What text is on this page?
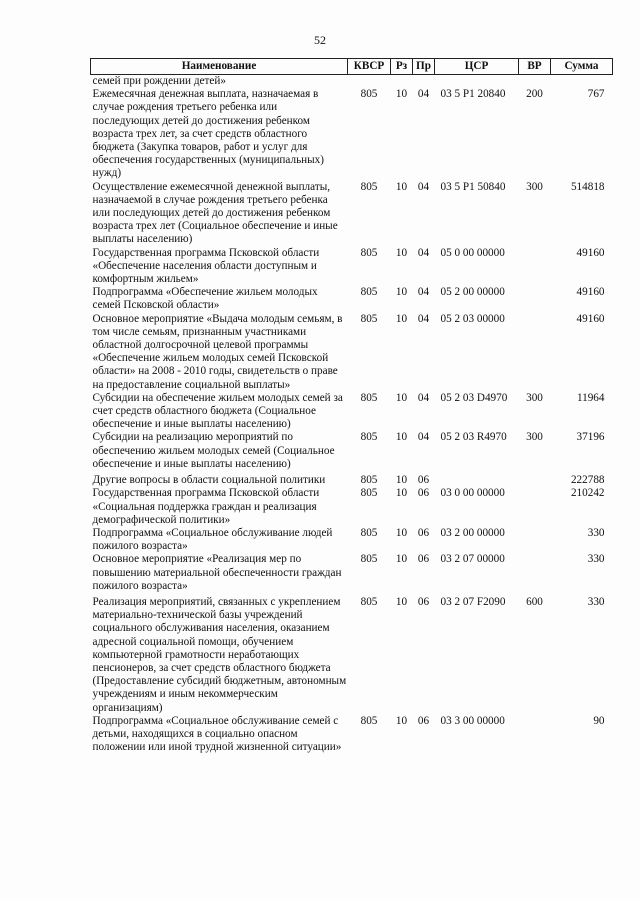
52
Наименование	КВСР	Рз	Пр	ЦСР	ВР	Сумма
семей при рождении детей»						
Ежемесячная денежная выплата, назначаемая в случае рождения третьего ребенка или последующих детей до достижения ребенком возраста трех лет, за счет средств областного бюджета (Закупка товаров, работ и услуг для обеспечения государственных (муниципальных) нужд)	805	10	04	03 5 P1 20840	200	767
Осуществление ежемесячной денежной выплаты, назначаемой в случае рождения третьего ребенка или последующих детей до достижения ребенком возраста трех лет (Социальное обеспечение и иные выплаты населению)	805	10	04	03 5 P1 50840	300	514818
Государственная программа Псковской области «Обеспечение населения области доступным и комфортным жильем»	805	10	04	05 0 00 00000		49160
Подпрограмма «Обеспечение жильем молодых семей Псковской области»	805	10	04	05 2 00 00000		49160
Основное мероприятие «Выдача молодым семьям, в том числе семьям, признанным участниками областной долгосрочной целевой программы «Обеспечение жильем молодых семей Псковской области» на 2008 - 2010 годы, свидетельств о праве на предоставление социальной выплаты»	805	10	04	05 2 03 00000		49160
Субсидии на обеспечение жильем молодых семей за счет средств областного бюджета (Социальное обеспечение и иные выплаты населению)	805	10	04	05 2 03 D4970	300	11964
Субсидии на реализацию мероприятий по обеспечению жильем молодых семей (Социальное обеспечение и иные выплаты населению)	805	10	04	05 2 03 R4970	300	37196
Другие вопросы в области социальной политики	805	10	06			222788
Государственная программа Псковской области «Социальная поддержка граждан и реализация демографической политики»	805	10	06	03 0 00 00000		210242
Подпрограмма «Социальное обслуживание людей пожилого возраста»	805	10	06	03 2 00 00000		330
Основное мероприятие «Реализация мер по повышению материальной обеспеченности граждан пожилого возраста»	805	10	06	03 2 07 00000		330
Реализация мероприятий, связанных с укреплением материально-технической базы учреждений социального обслуживания населения, оказанием адресной социальной помощи, обучением компьютерной грамотности неработающих пенсионеров, за счет средств областного бюджета (Предоставление субсидий бюджетным, автономным учреждениям и иным некоммерческим организациям)	805	10	06	03 2 07 F2090	600	330
Подпрограмма «Социальное обслуживание семей с детьми, находящихся в социально опасном положении или иной трудной жизненной ситуации»	805	10	06	03 3 00 00000		90
